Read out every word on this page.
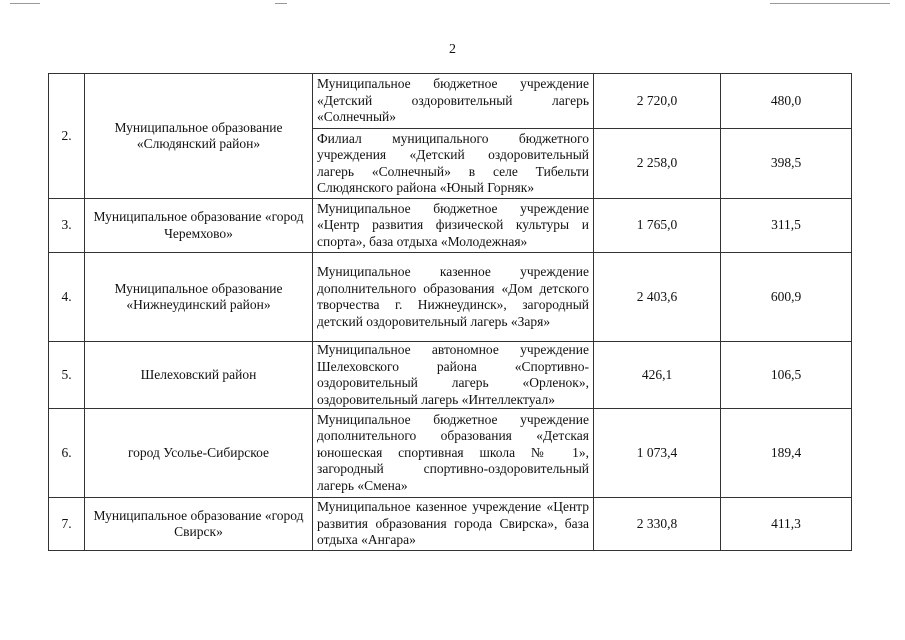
2
2.	Муниципальное образование «Слюдянский район»	Муниципальное бюджетное учреждение «Детский оздоровительный лагерь «Солнечный»	2 720,0	480,0
		Филиал муниципального бюджетного учреждения «Детский оздоровительный лагерь «Солнечный» в селе Тибельти Слюдянского района «Юный Горняк»	2 258,0	398,5
3.	Муниципальное образование «город Черемхово»	Муниципальное бюджетное учреждение «Центр развития физической культуры и спорта», база отдыха «Молодежная»	1 765,0	311,5
4.	Муниципальное образование «Нижнеудинский район»	Муниципальное казенное учреждение дополнительного образования «Дом детского творчества г. Нижнеудинск», загородный детский оздоровительный лагерь «Заря»	2 403,6	600,9
5.	Шелеховский район	Муниципальное автономное учреждение Шелеховского района «Спортивно-оздоровительный лагерь «Орленок», оздоровительный лагерь «Интеллектуал»	426,1	106,5
6.	город Усолье-Сибирское	Муниципальное бюджетное учреждение дополнительного образования «Детская юношеская спортивная школа № 1», загородный спортивно-оздоровительный лагерь «Смена»	1 073,4	189,4
7.	Муниципальное образование «город Свирск»	Муниципальное казенное учреждение «Центр развития образования города Свирска», база отдыха «Ангара»	2 330,8	411,3
